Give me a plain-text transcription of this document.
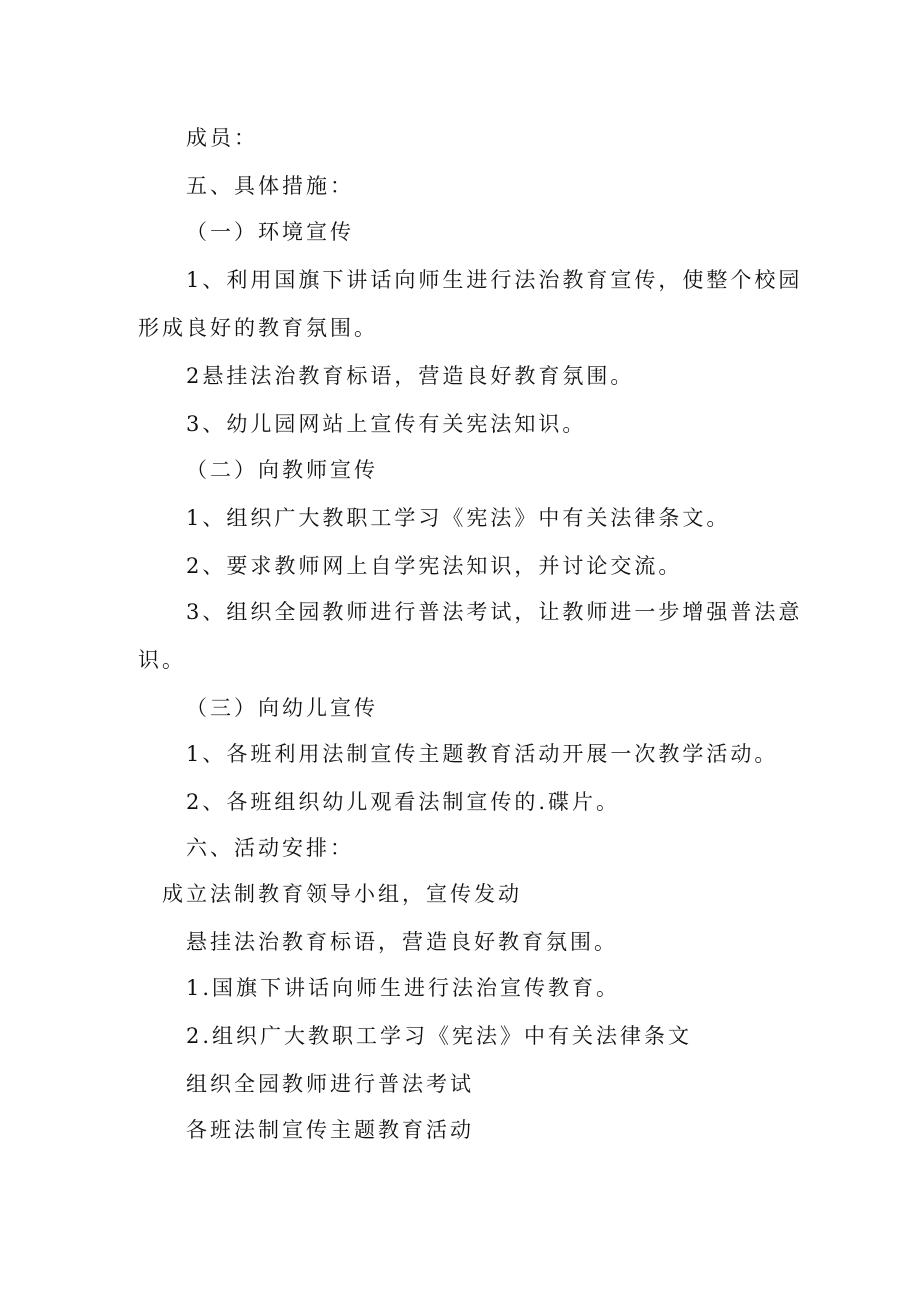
成员：
五、具体措施：
（一）环境宣传
1、利用国旗下讲话向师生进行法治教育宣传，使整个校园
形成良好的教育氛围。
2悬挂法治教育标语，营造良好教育氛围。
3、幼儿园网站上宣传有关宪法知识。
（二）向教师宣传
1、组织广大教职工学习《宪法》中有关法律条文。
2、要求教师网上自学宪法知识，并讨论交流。
3、组织全园教师进行普法考试，让教师进一步增强普法意
识。
（三）向幼儿宣传
1、各班利用法制宣传主题教育活动开展一次教学活动。
2、各班组织幼儿观看法制宣传的.碟片。
六、活动安排：
成立法制教育领导小组，宣传发动
悬挂法治教育标语，营造良好教育氛围。
1.国旗下讲话向师生进行法治宣传教育。
2.组织广大教职工学习《宪法》中有关法律条文
组织全园教师进行普法考试
各班法制宣传主题教育活动
